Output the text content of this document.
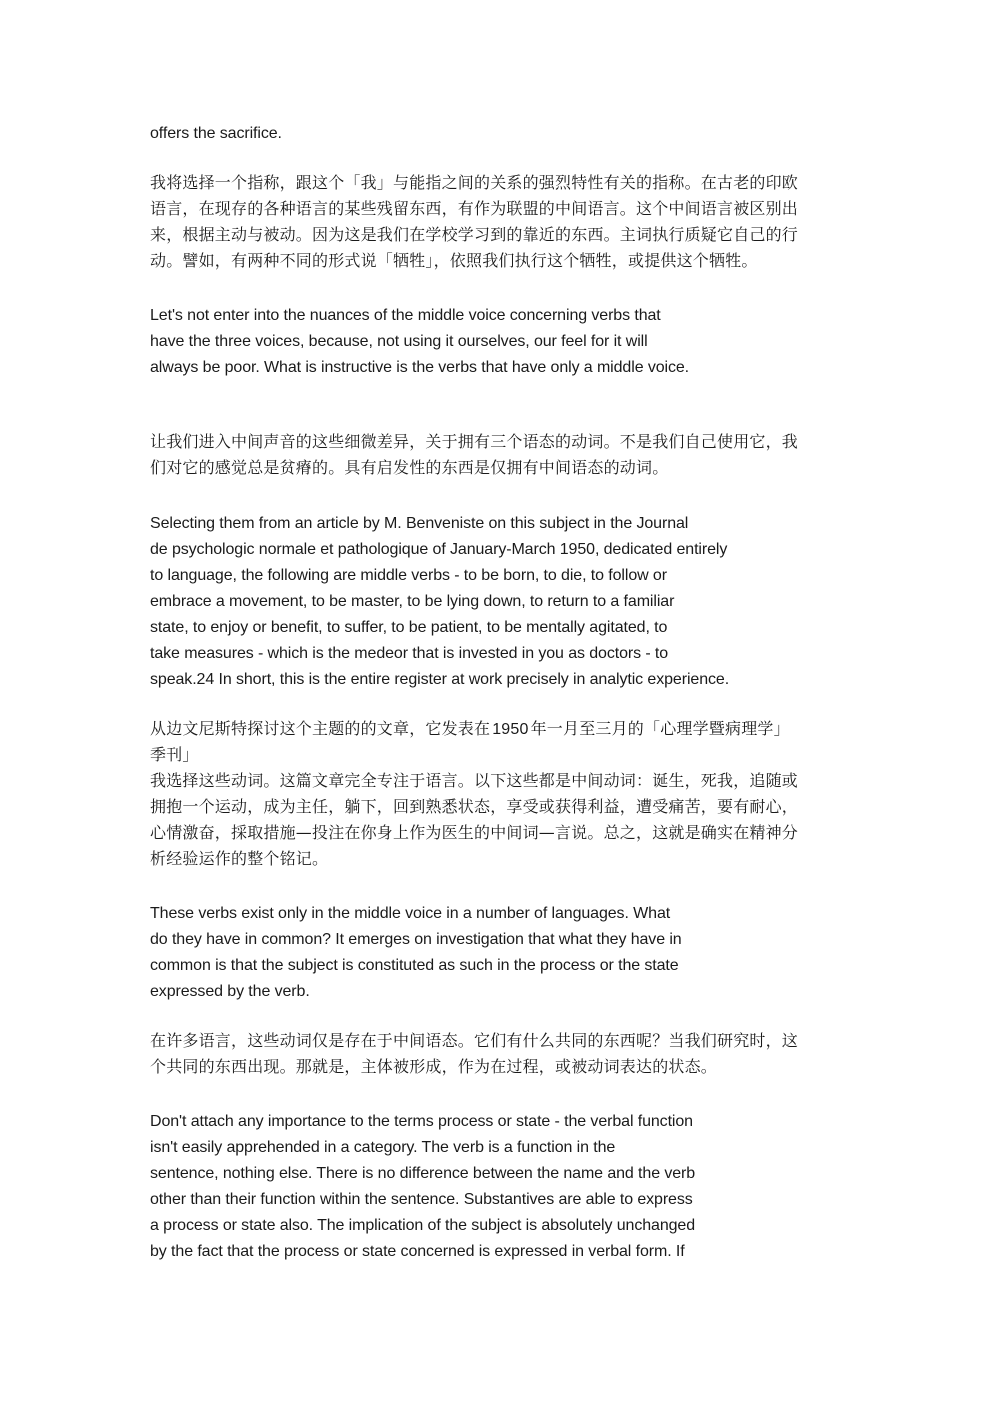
offers the sacrifice.
我将选择一个指称，跟这个「我」与能指之间的关系的强烈特性有关的指称。在古老的印欧
语言，在现存的各种语言的某些残留东西，有作为联盟的中间语言。这个中间语言被区别出
来，根据主动与被动。因为这是我们在学校学习到的靠近的东西。主词执行质疑它自己的行
动。譬如，有两种不同的形式说「牺牲」，依照我们执行这个牺牲，或提供这个牺牲。
Let's not enter into the nuances of the middle voice concerning verbs that
have the three voices, because, not using it ourselves, our feel for it will
always be poor. What is instructive is the verbs that have only a middle voice.
让我们进入中间声音的这些细微差异，关于拥有三个语态的动词。不是我们自己使用它，我
们对它的感觉总是贫瘠的。具有启发性的东西是仅拥有中间语态的动词。
Selecting them from an article by M. Benveniste on this subject in the Journal
de psychologic normale et pathologique of January-March 1950, dedicated entirely
to language, the following are middle verbs - to be born, to die, to follow or
embrace a movement, to be master, to be lying down, to return to a familiar
state, to enjoy or benefit, to suffer, to be patient, to be mentally agitated, to
take measures - which is the medeor that is invested in you as doctors - to
speak.24 In short, this is the entire register at work precisely in analytic experience.
从边文尼斯特探讨这个主题的的文章，它发表在 1950 年一月至三月的「心理学暨病理学」
季刊」
我选择这些动词。这篇文章完全专注于语言。以下这些都是中间动词：诞生，死我，追随或
拥抱一个运动，成为主任，躺下，回到熟悉状态，享受或获得利益，遭受痛苦，要有耐心，
心情激奋，採取措施—投注在你身上作为医生的中间词—言说。总之，这就是确实在精神分
析经验运作的整个铭记。
These verbs exist only in the middle voice in a number of languages. What
do they have in common? It emerges on investigation that what they have in
common is that the subject is constituted as such in the process or the state
expressed by the verb.
在许多语言，这些动词仅是存在于中间语态。它们有什么共同的东西呢？当我们研究时，这
个共同的东西出现。那就是，主体被形成，作为在过程，或被动词表达的状态。
Don't attach any importance to the terms process or state - the verbal function
isn't easily apprehended in a category. The verb is a function in the
sentence, nothing else. There is no difference between the name and the verb
other than their function within the sentence. Substantives are able to express
a process or state also. The implication of the subject is absolutely unchanged
by the fact that the process or state concerned is expressed in verbal form. If
